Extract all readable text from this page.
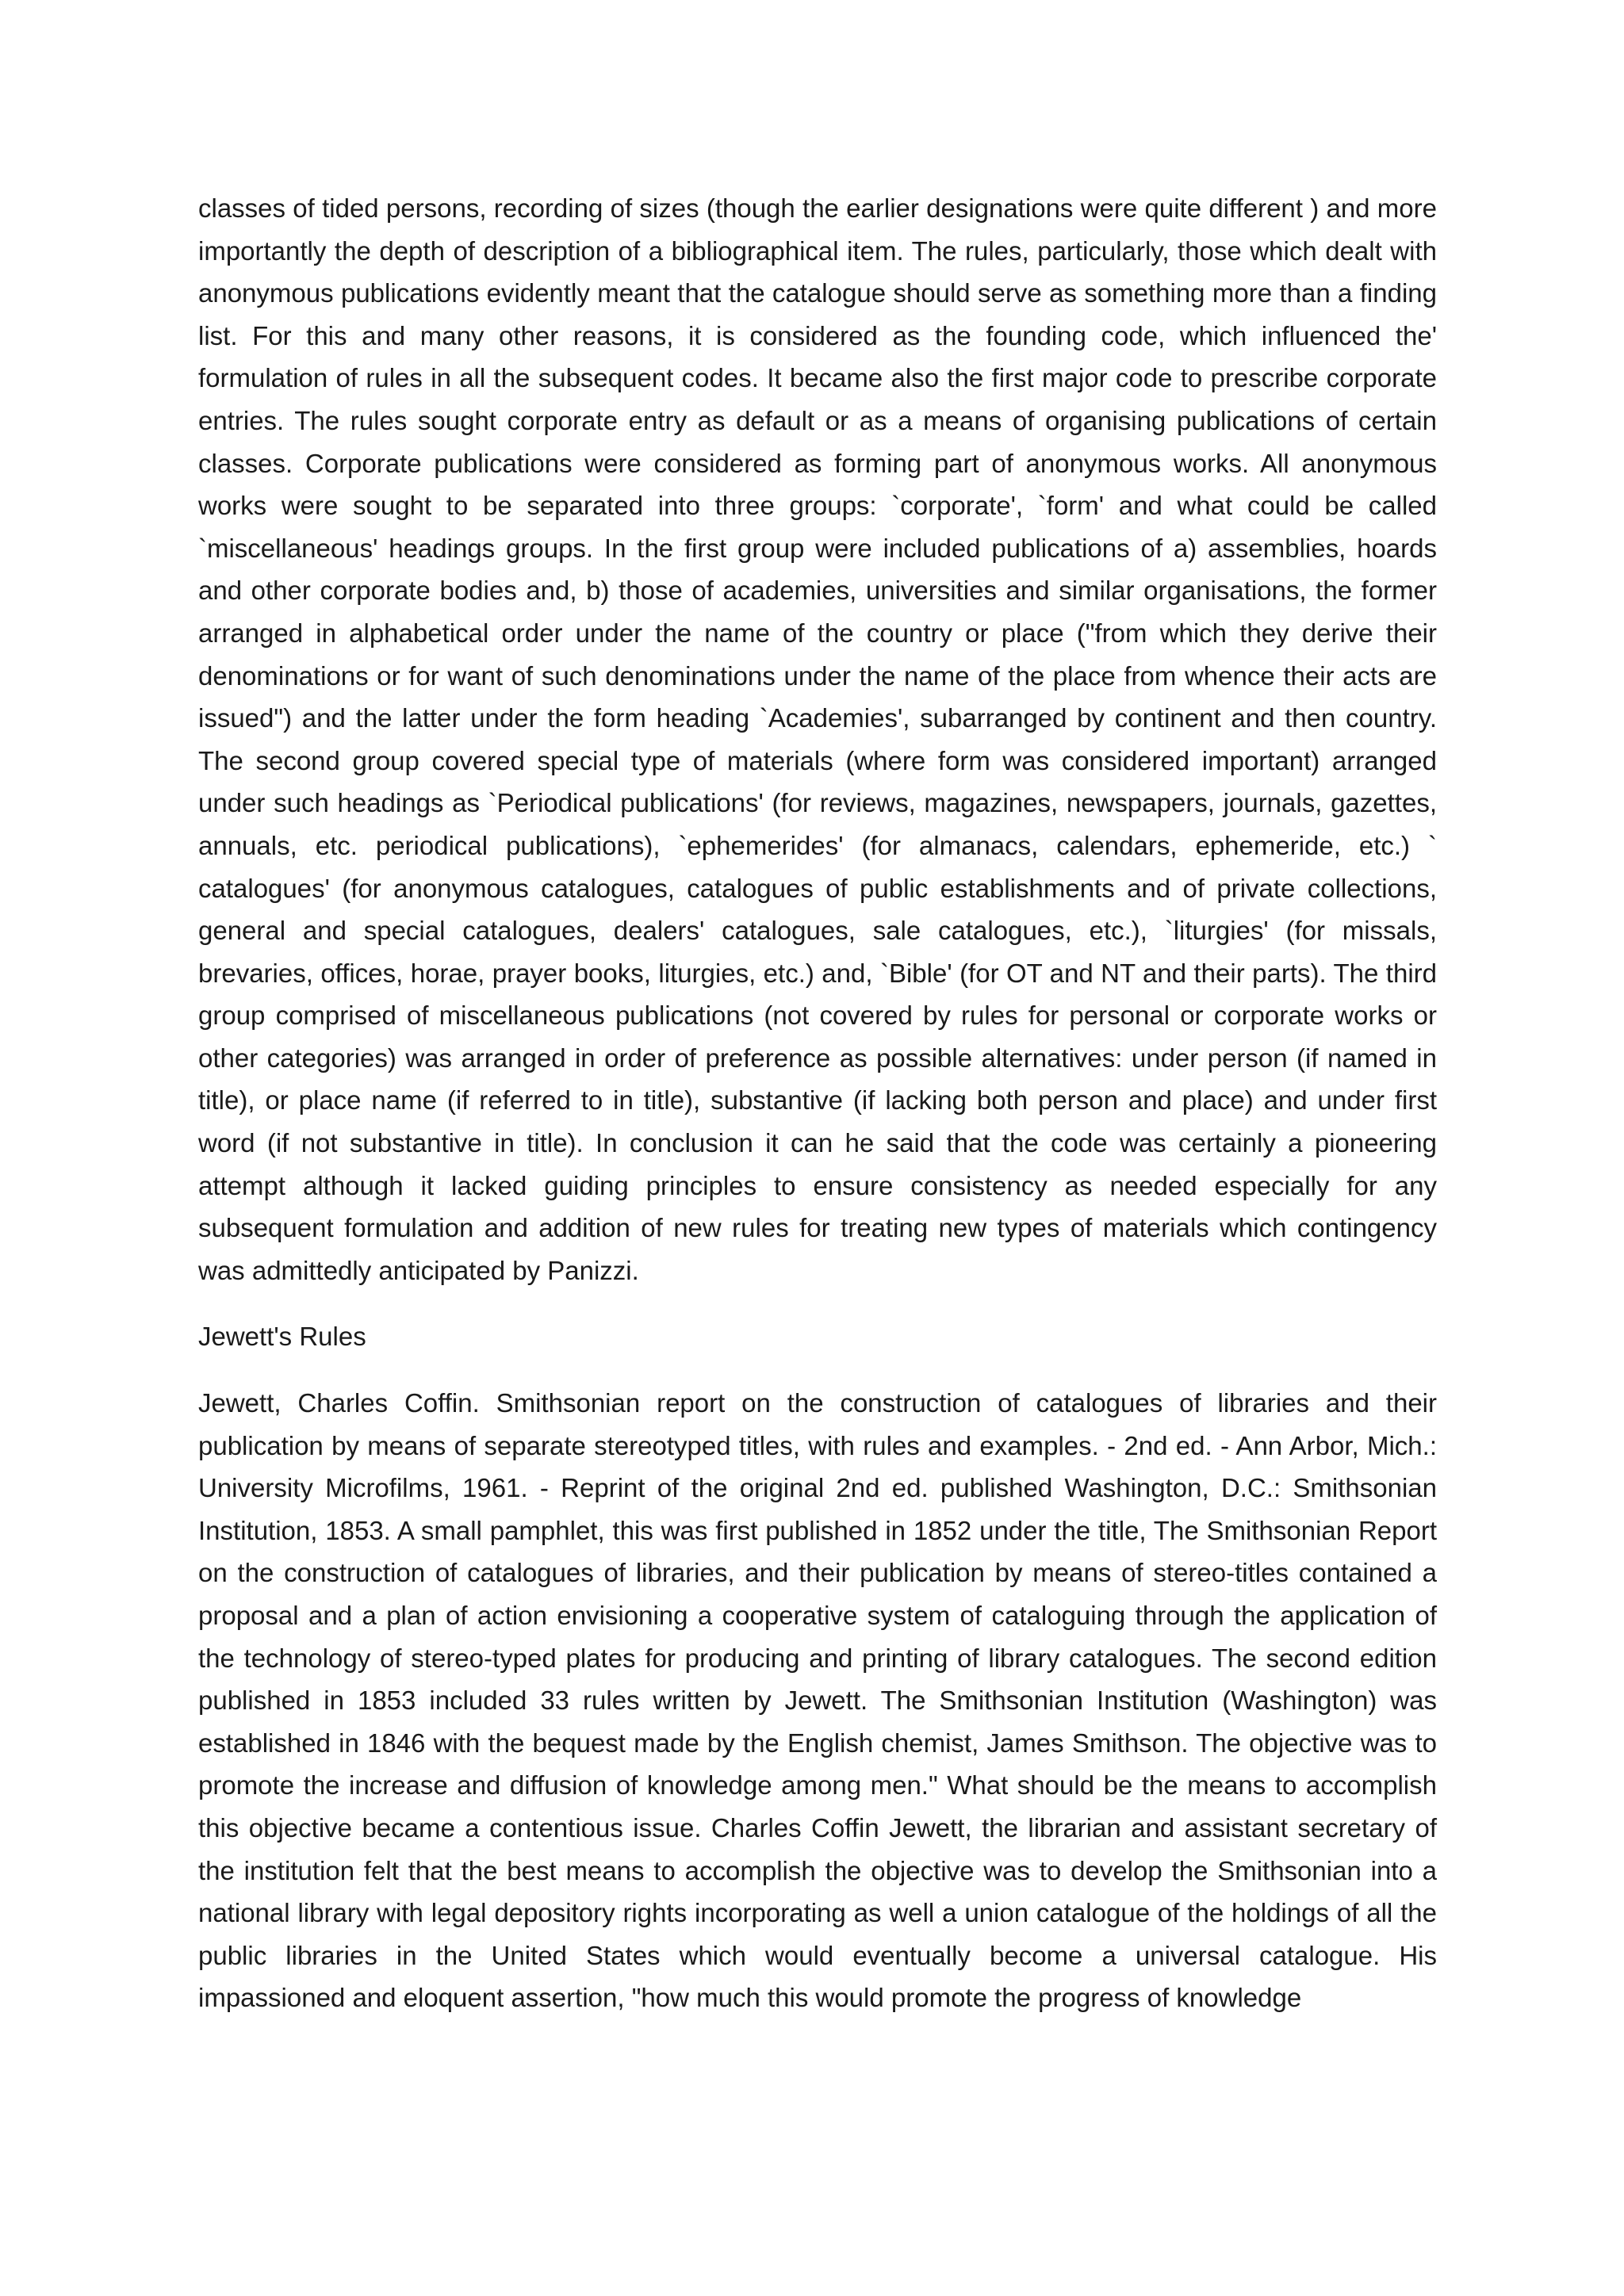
classes of tided persons, recording of sizes (though the earlier designations were quite different ) and more importantly the depth of description of a bibliographical item. The rules, particularly, those which dealt with anonymous publications evidently meant that the catalogue should serve as something more than a finding list. For this and many other reasons, it is considered as the founding code, which influenced the' formulation of rules in all the subsequent codes. It became also the first major code to prescribe corporate entries. The rules sought corporate entry as default or as a means of organising publications of certain classes. Corporate publications were considered as forming part of anonymous works. All anonymous works were sought to be separated into three groups: `corporate', `form' and what could be called `miscellaneous' headings groups. In the first group were included publications of a) assemblies, hoards and other corporate bodies and, b) those of academies, universities and similar organisations, the former arranged in alphabetical order under the name of the country or place ("from which they derive their denominations or for want of such denominations under the name of the place from whence their acts are issued") and the latter under the form heading `Academies', subarranged by continent and then country. The second group covered special type of materials (where form was considered important) arranged under such headings as `Periodical publications' (for reviews, magazines, newspapers, journals, gazettes, annuals, etc. periodical publications), `ephemerides' (for almanacs, calendars, ephemeride, etc.) ` catalogues' (for anonymous catalogues, catalogues of public establishments and of private collections, general and special catalogues, dealers' catalogues, sale catalogues, etc.), `liturgies' (for missals, brevaries, offices, horae, prayer books, liturgies, etc.) and, `Bible' (for OT and NT and their parts). The third group comprised of miscellaneous publications (not covered by rules for personal or corporate works or other categories) was arranged in order of preference as possible alternatives: under person (if named in title), or place name (if referred to in title), substantive (if lacking both person and place) and under first word (if not substantive in title). In conclusion it can he said that the code was certainly a pioneering attempt although it lacked guiding principles to ensure consistency as needed especially for any subsequent formulation and addition of new rules for treating new types of materials which contingency was admittedly anticipated by Panizzi.

Jewett's Rules

Jewett, Charles Coffin. Smithsonian report on the construction of catalogues of libraries and their publication by means of separate stereotyped titles, with rules and examples. - 2nd ed. - Ann Arbor, Mich.: University Microfilms, 1961. - Reprint of the original 2nd ed. published Washington, D.C.: Smithsonian Institution, 1853. A small pamphlet, this was first published in 1852 under the title, The Smithsonian Report on the construction of catalogues of libraries, and their publication by means of stereo-titles contained a proposal and a plan of action envisioning a cooperative system of cataloguing through the application of the technology of stereo-typed plates for producing and printing of library catalogues. The second edition published in 1853 included 33 rules written by Jewett. The Smithsonian Institution (Washington) was established in 1846 with the bequest made by the English chemist, James Smithson. The objective was to promote the increase and diffusion of knowledge among men." What should be the means to accomplish this objective became a contentious issue. Charles Coffin Jewett, the librarian and assistant secretary of the institution felt that the best means to accomplish the objective was to develop the Smithsonian into a national library with legal depository rights incorporating as well a union catalogue of the holdings of all the public libraries in the United States which would eventually become a universal catalogue. His impassioned and eloquent assertion, "how much this would promote the progress of knowledge
